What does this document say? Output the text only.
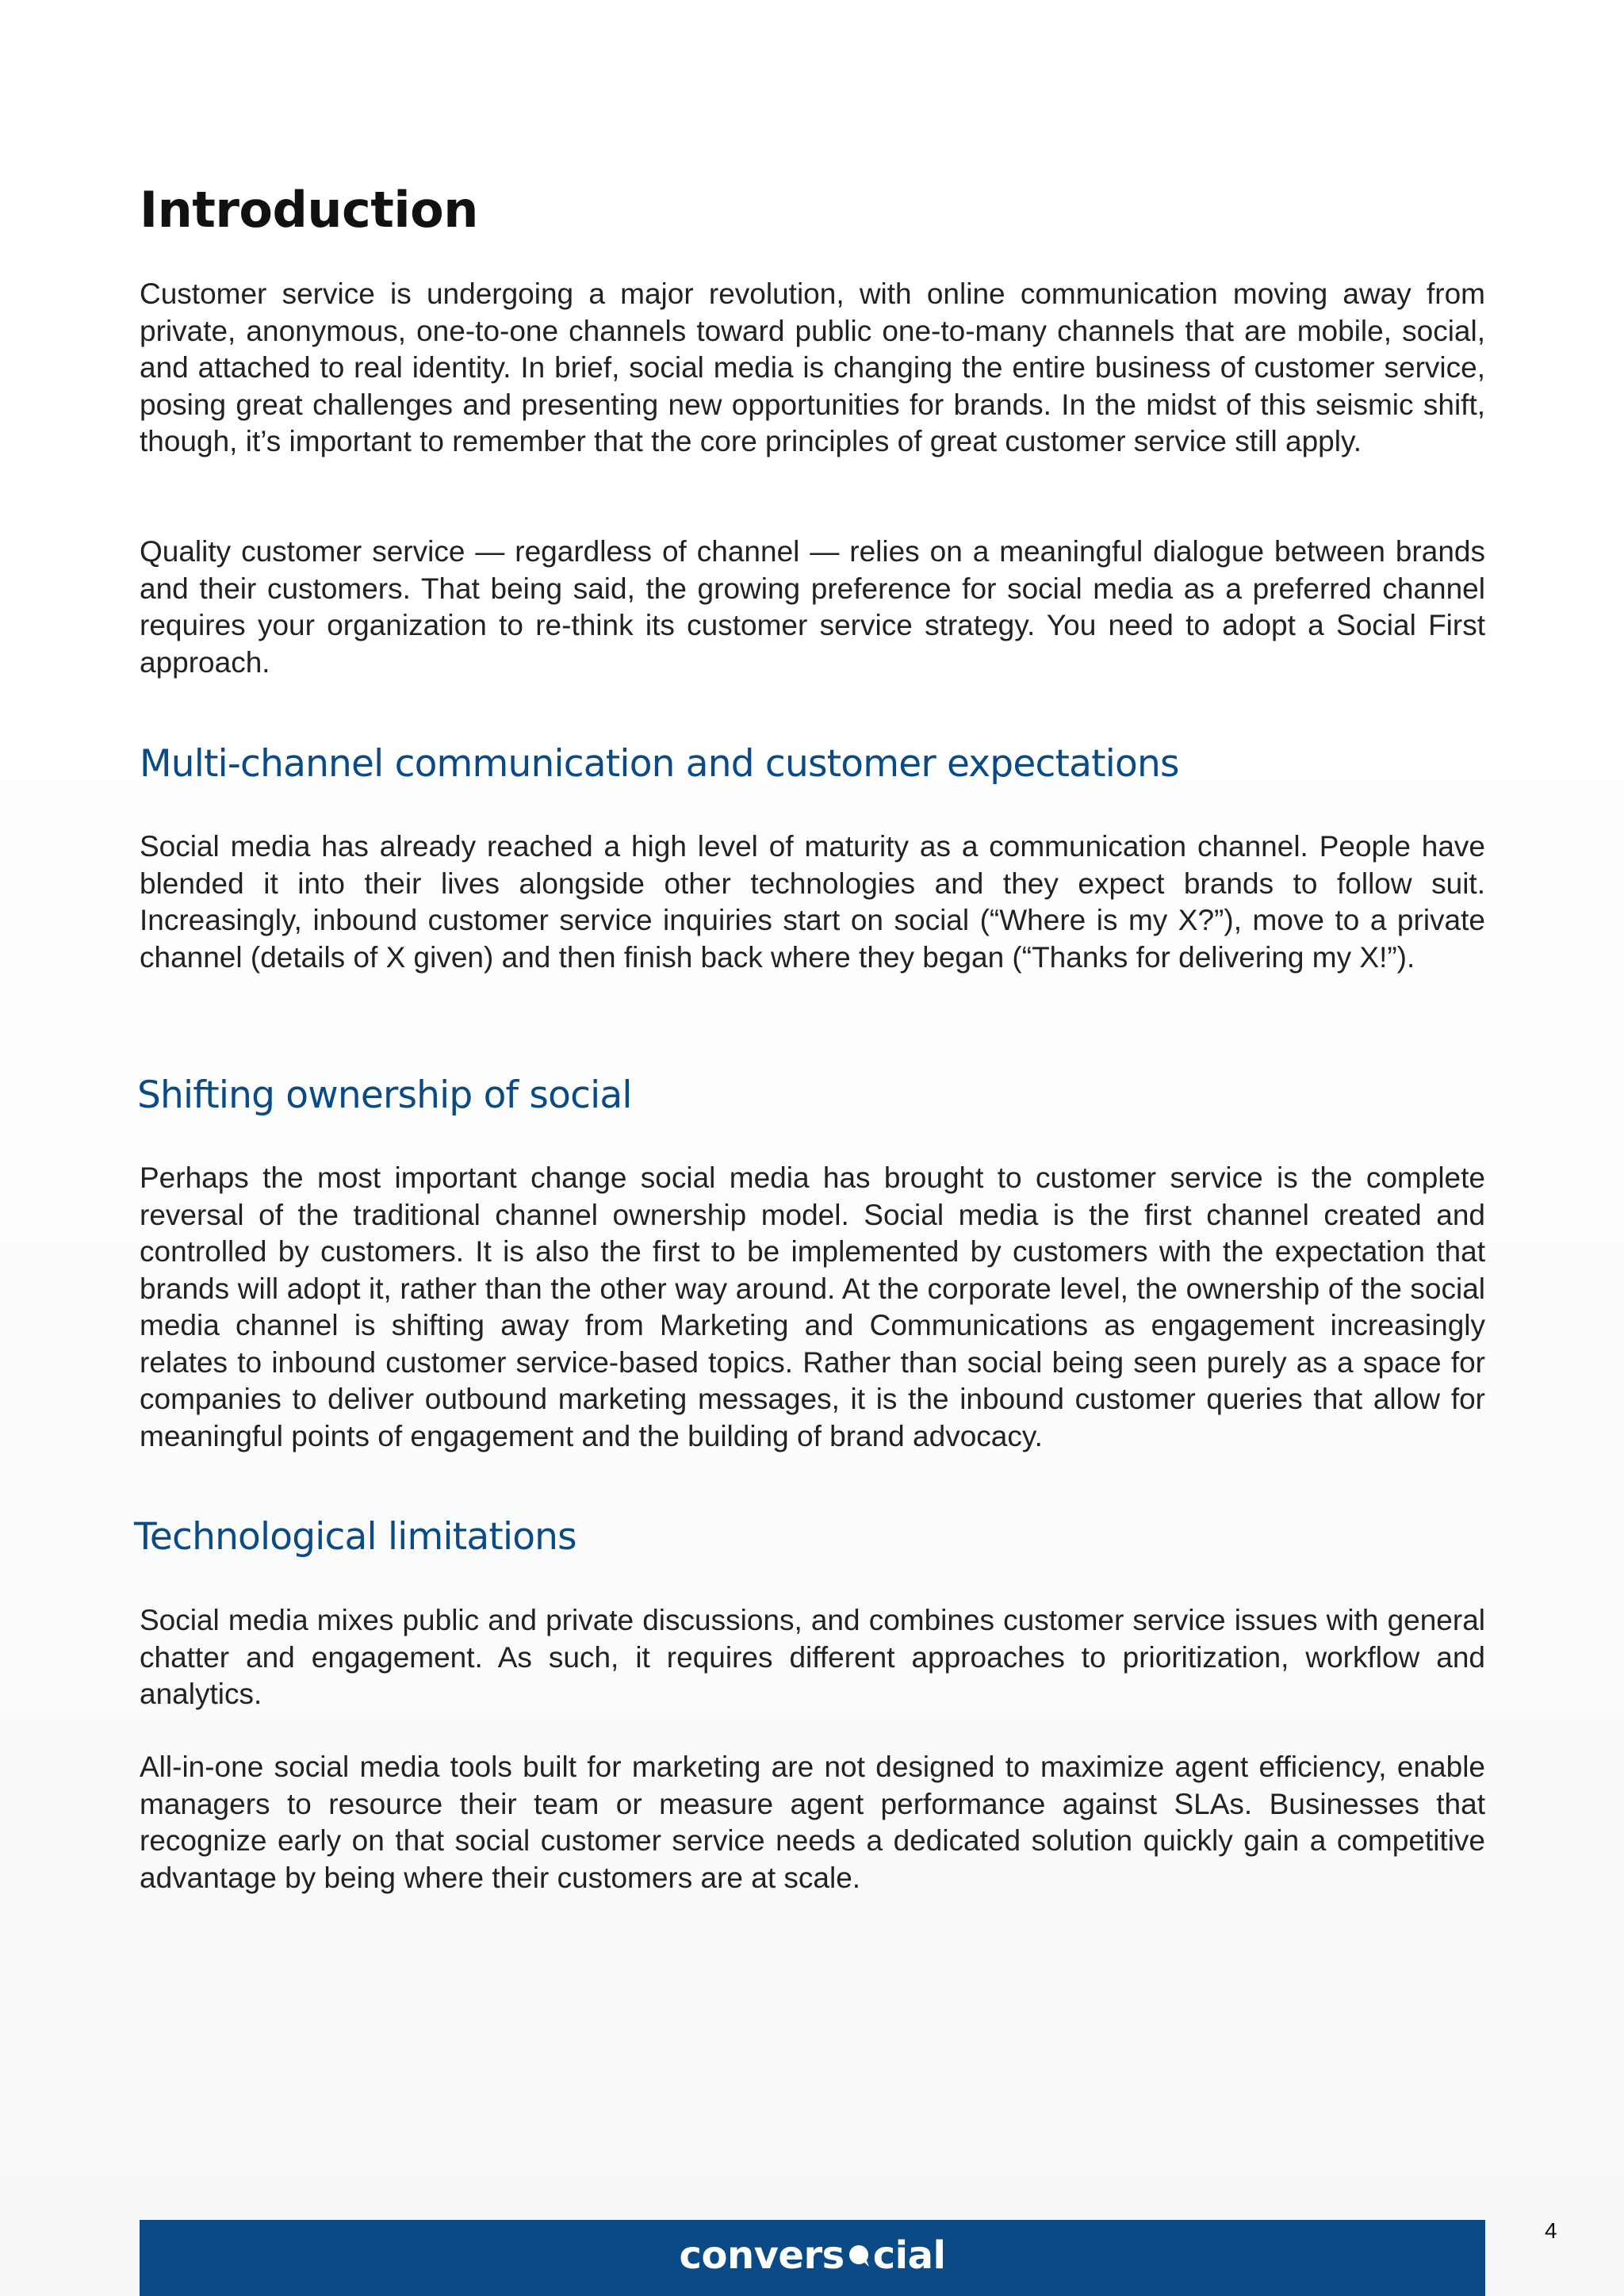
Introduction

Customer service is undergoing a major revolution, with online communication moving away from private, anonymous, one-to-one channels toward public one-to-many channels that are mobile, social, and attached to real identity. In brief, social media is changing the entire business of customer service, posing great challenges and presenting new opportunities for brands. In the midst of this seismic shift, though, it’s important to remember that the core principles of great customer service still apply.

Quality customer service — regardless of channel — relies on a meaningful dialogue between brands and their customers. That being said, the growing preference for social media as a preferred channel requires your organization to re-think its customer service strategy. You need to adopt a Social First approach.

Multi-channel communication and customer expectations

Social media has already reached a high level of maturity as a communication channel. People have blended it into their lives alongside other technologies and they expect brands to follow suit. Increasingly, inbound customer service inquiries start on social (“Where is my X?”), move to a private channel (details of X given) and then finish back where they began (“Thanks for delivering my X!”).

Shifting ownership of social

Perhaps the most important change social media has brought to customer service is the complete reversal of the traditional channel ownership model. Social media is the first channel created and controlled by customers. It is also the first to be implemented by customers with the expectation that brands will adopt it, rather than the other way around. At the corporate level, the ownership of the social media channel is shifting away from Marketing and Communications as engagement increasingly relates to inbound customer service-based topics. Rather than social being seen purely as a space for companies to deliver outbound marketing messages, it is the inbound customer queries that allow for meaningful points of engagement and the building of brand advocacy.

Technological limitations

Social media mixes public and private discussions, and combines customer service issues with general chatter and engagement. As such, it requires different approaches to prioritization, workflow and analytics.

All-in-one social media tools built for marketing are not designed to maximize agent efficiency, enable managers to resource their team or measure agent performance against SLAs. Businesses that recognize early on that social customer service needs a dedicated solution quickly gain a competitive advantage by being where their customers are at scale.

convers cial
4
